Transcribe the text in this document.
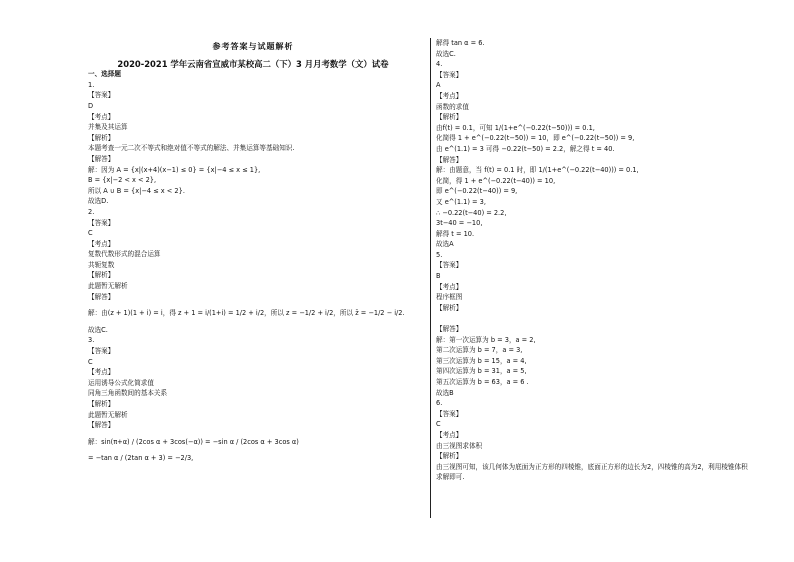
参考答案与试题解析
2020-2021 学年云南省宣威市某校高二（下）3 月月考数学（文）试卷
一、选择题
1.
【答案】
D
【考点】
并集及其运算
【解析】
本题考查一元二次不等式和绝对值不等式的解法、并集运算等基础知识.
【解答】
解：因为 A = {x|(x+4)(x−1) ≤ 0} = {x|−4 ≤ x ≤ 1},
B = {x|−2 < x < 2},
所以 A ∪ B = {x|−4 ≤ x < 2}.
故选D.
2.
【答案】
C
【考点】
复数代数形式的混合运算
共轭复数
【解析】
此题暂无解析
【解答】
解：由(z + 1)(1 + i) = i，得 z + 1 = i/(1+i) = 1/2 + i/2，所以 z = −1/2 + i/2，所以 z̄ = −1/2 − i/2.
故选C.
3.
【答案】
C
【考点】
运用诱导公式化简求值
同角三角函数间的基本关系
【解析】
此题暂无解析
【解答】
解：sin(π+α) / (2cos α + 3cos(−α)) = −sin α / (2cos α + 3cos α)
= −tan α / (2tan α + 3) = −2/3,
解得 tan α = 6.
故选C.
4.
【答案】
A
【考点】
函数的求值
【解析】
由f(t) = 0.1，可知 1/(1+e^(−0.22(t−50))) = 0.1,
化简得 1 + e^(−0.22(t−50)) = 10，即 e^(−0.22(t−50)) = 9,
由 e^(1.1) = 3 可得 −0.22(t−50) = 2.2，解之得 t = 40.
【解答】
解：由题意，当 f(t) = 0.1 时，即 1/(1+e^(−0.22(t−40))) = 0.1,
化简，得 1 + e^(−0.22(t−40)) = 10,
即 e^(−0.22(t−40)) = 9,
又 e^(1.1) = 3,
∴ −0.22(t−40) = 2.2,
3t−40 = −10,
解得 t = 10.
故选A
5.
【答案】
B
【考点】
程序框图
【解析】

【解答】
解：第一次运算为 b = 3，a = 2,
第二次运算为 b = 7，a = 3,
第三次运算为 b = 15，a = 4,
第四次运算为 b = 31，a = 5,
第五次运算为 b = 63，a = 6 .
故选B
6.
【答案】
C
【考点】
由三视图求体积
【解析】
由三视图可知，该几何体为底面为正方形的四棱锥，底面正方形的边长为2，四棱锥的高为2，利用棱锥体积
求解即可.
